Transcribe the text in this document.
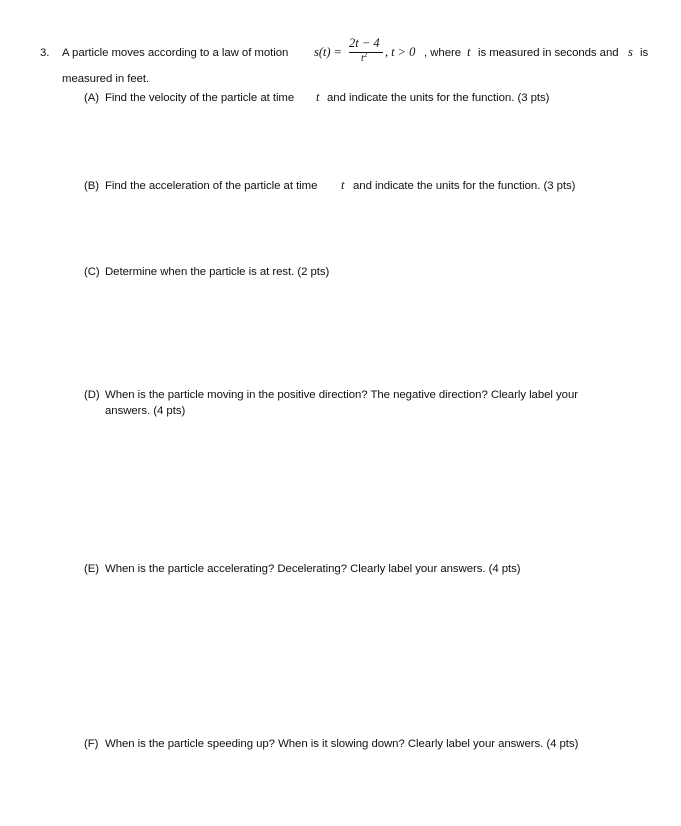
3. A particle moves according to a law of motion s(t) =
2t − 4
$t^2$ , t > 0 , where t is measured in seconds and s is
measured in feet.
(A) Find the velocity of the particle at time t and indicate the units for the function. (3 pts)
(B) Find the acceleration of the particle at time t and indicate the units for the function. (3 pts)
(C) Determine when the particle is at rest. (2 pts)
(D) When is the particle moving in the positive direction? The negative direction? Clearly label your
answers. (4 pts)
(E) When is the particle accelerating? Decelerating? Clearly label your answers. (4 pts)
(F) When is the particle speeding up? When is it slowing down? Clearly label your answers. (4 pts)
